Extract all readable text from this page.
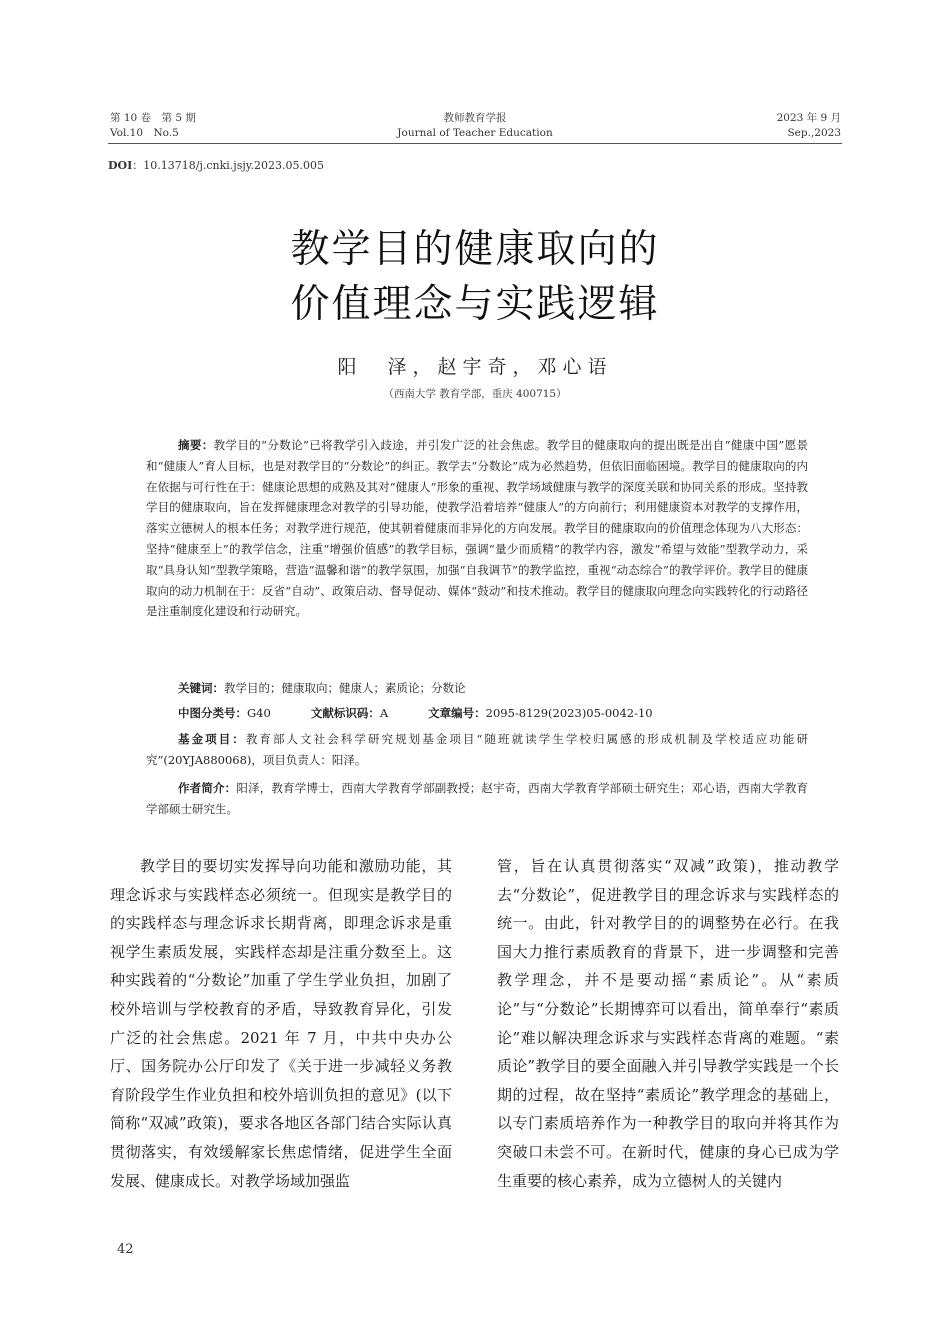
第 10 卷　第 5 期
Vol.10　No.5
教师教育学报
Journal of Teacher Education
2023 年 9 月
Sep.,2023
DOI：10.13718/j.cnki.jsjy.2023.05.005
教学目的健康取向的
价值理念与实践逻辑
阳　泽，赵宇奇，邓心语
（西南大学 教育学部，重庆 400715）
摘要：教学目的“分数论”已将教学引入歧途，并引发广泛的社会焦虑。教学目的健康取向的提出既是出自“健康中国”愿景和“健康人”育人目标，也是对教学目的“分数论”的纠正。教学去“分数论”成为必然趋势，但依旧面临困境。教学目的健康取向的内在依据与可行性在于：健康论思想的成熟及其对“健康人”形象的重视、教学场域健康与教学的深度关联和协同关系的形成。坚持教学目的健康取向，旨在发挥健康理念对教学的引导功能，使教学沿着培养“健康人”的方向前行；利用健康资本对教学的支撑作用，落实立德树人的根本任务；对教学进行规范，使其朝着健康而非异化的方向发展。教学目的健康取向的价值理念体现为八大形态：坚持“健康至上”的教学信念，注重“增强价值感”的教学目标，强调“量少而质精”的教学内容，激发“希望与效能”型教学动力，采取“具身认知”型教学策略，营造“温馨和谐”的教学氛围，加强“自我调节”的教学监控，重视“动态综合”的教学评价。教学目的健康取向的动力机制在于：反省“自动”、政策启动、督导促动、媒体“鼓动”和技术推动。教学目的健康取向理念向实践转化的行动路径是注重制度化建设和行动研究。
关键词：教学目的；健康取向；健康人；素质论；分数论
中图分类号：G40	文献标识码：A	文章编号：2095-8129(2023)05-0042-10
基金项目：教育部人文社会科学研究规划基金项目“随班就读学生学校归属感的形成机制及学校适应功能研究”(20YJA880068)，项目负责人：阳泽。
作者简介：阳泽，教育学博士，西南大学教育学部副教授；赵宇奇，西南大学教育学部硕士研究生；邓心语，西南大学教育学部硕士研究生。
教学目的要切实发挥导向功能和激励功能，其理念诉求与实践样态必须统一。但现实是教学目的的实践样态与理念诉求长期背离，即理念诉求是重视学生素质发展，实践样态却是注重分数至上。这种实践着的“分数论”加重了学生学业负担，加剧了校外培训与学校教育的矛盾，导致教育异化，引发广泛的社会焦虑。2021 年 7 月，中共中央办公厅、国务院办公厅印发了《关于进一步减轻义务教育阶段学生作业负担和校外培训负担的意见》(以下简称“双减”政策)，要求各地区各部门结合实际认真贯彻落实，有效缓解家长焦虑情绪，促进学生全面发展、健康成长。对教学场域加强监
管，旨在认真贯彻落实“双减”政策)，推动教学去“分数论”，促进教学目的理念诉求与实践样态的统一。由此，针对教学目的的调整势在必行。在我国大力推行素质教育的背景下，进一步调整和完善教学理念，并不是要动摇“素质论”。从“素质论”与“分数论”长期博弈可以看出，简单奉行“素质论”难以解决理念诉求与实践样态背离的难题。“素质论”教学目的要全面融入并引导教学实践是一个长期的过程，故在坚持“素质论”教学理念的基础上，以专门素质培养作为一种教学目的取向并将其作为突破口未尝不可。在新时代，健康的身心已成为学生重要的核心素养，成为立德树人的关键内
42
